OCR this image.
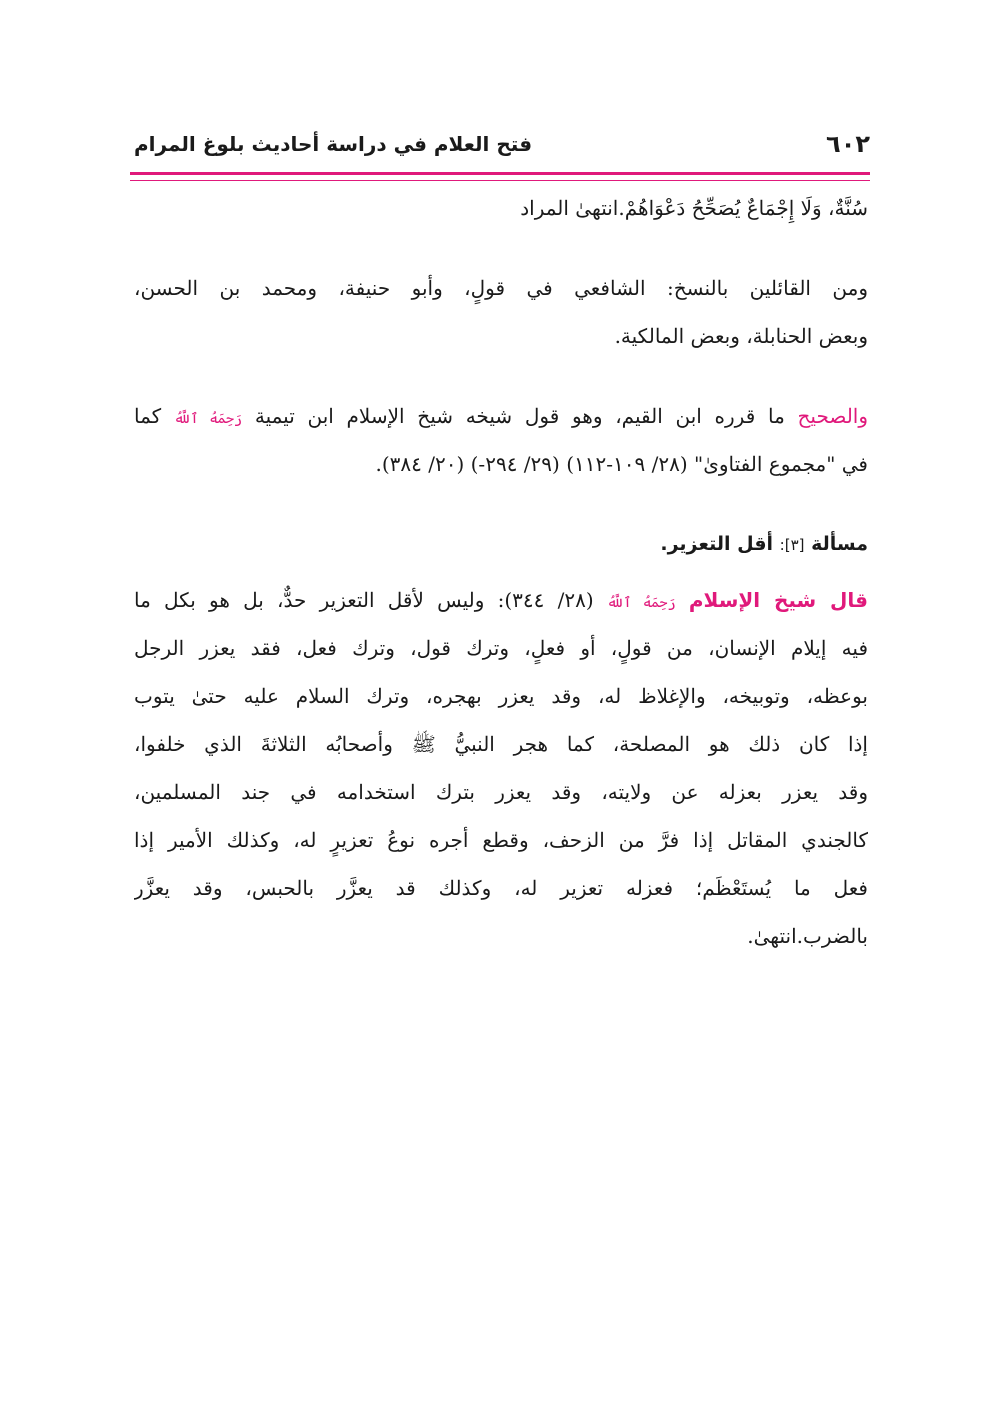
٦٠٢
فتح العلام في دراسة أحاديث بلوغ المرام
سُنَّةٌ، وَلَا إِجْمَاعٌ يُصَحِّحُ دَعْوَاهُمْ.انتهىٰ المراد
ومن القائلين بالنسخ: الشافعي في قولٍ، وأبو حنيفة، ومحمد بن الحسن،
وبعض الحنابلة، وبعض المالكية.
والصحيح ما قرره ابن القيم، وهو قول شيخه شيخ الإسلام ابن تيمية رَحِمَهُ ٱللَّهُ كما
في "مجموع الفتاوىٰ" (٢٨/ ١٠٩-١١٢) (٢٩/ ٢٩٤-) (٢٠/ ٣٨٤).
مسألة [٣]: أقل التعزير.
قال شيخ الإسلام رَحِمَهُ ٱللَّهُ (٢٨/ ٣٤٤): وليس لأقل التعزير حدٌّ، بل هو بكل ما
فيه إيلام الإنسان، من قولٍ، أو فعلٍ، وترك قول، وترك فعل، فقد يعزر الرجل
بوعظه، وتوبيخه، والإغلاظ له، وقد يعزر بهجره، وترك السلام عليه حتىٰ يتوب
إذا كان ذلك هو المصلحة، كما هجر النبيُّ ﷺ وأصحابُه الثلاثةَ الذي خلفوا،
وقد يعزر بعزله عن ولايته، وقد يعزر بترك استخدامه في جند المسلمين،
كالجندي المقاتل إذا فرَّ من الزحف، وقطع أجره نوعُ تعزيرٍ له، وكذلك الأمير إذا
فعل ما يُستَعْظَم؛ فعزله تعزير له، وكذلك قد يعزَّر بالحبس، وقد يعزَّر
بالضرب.انتهىٰ.
